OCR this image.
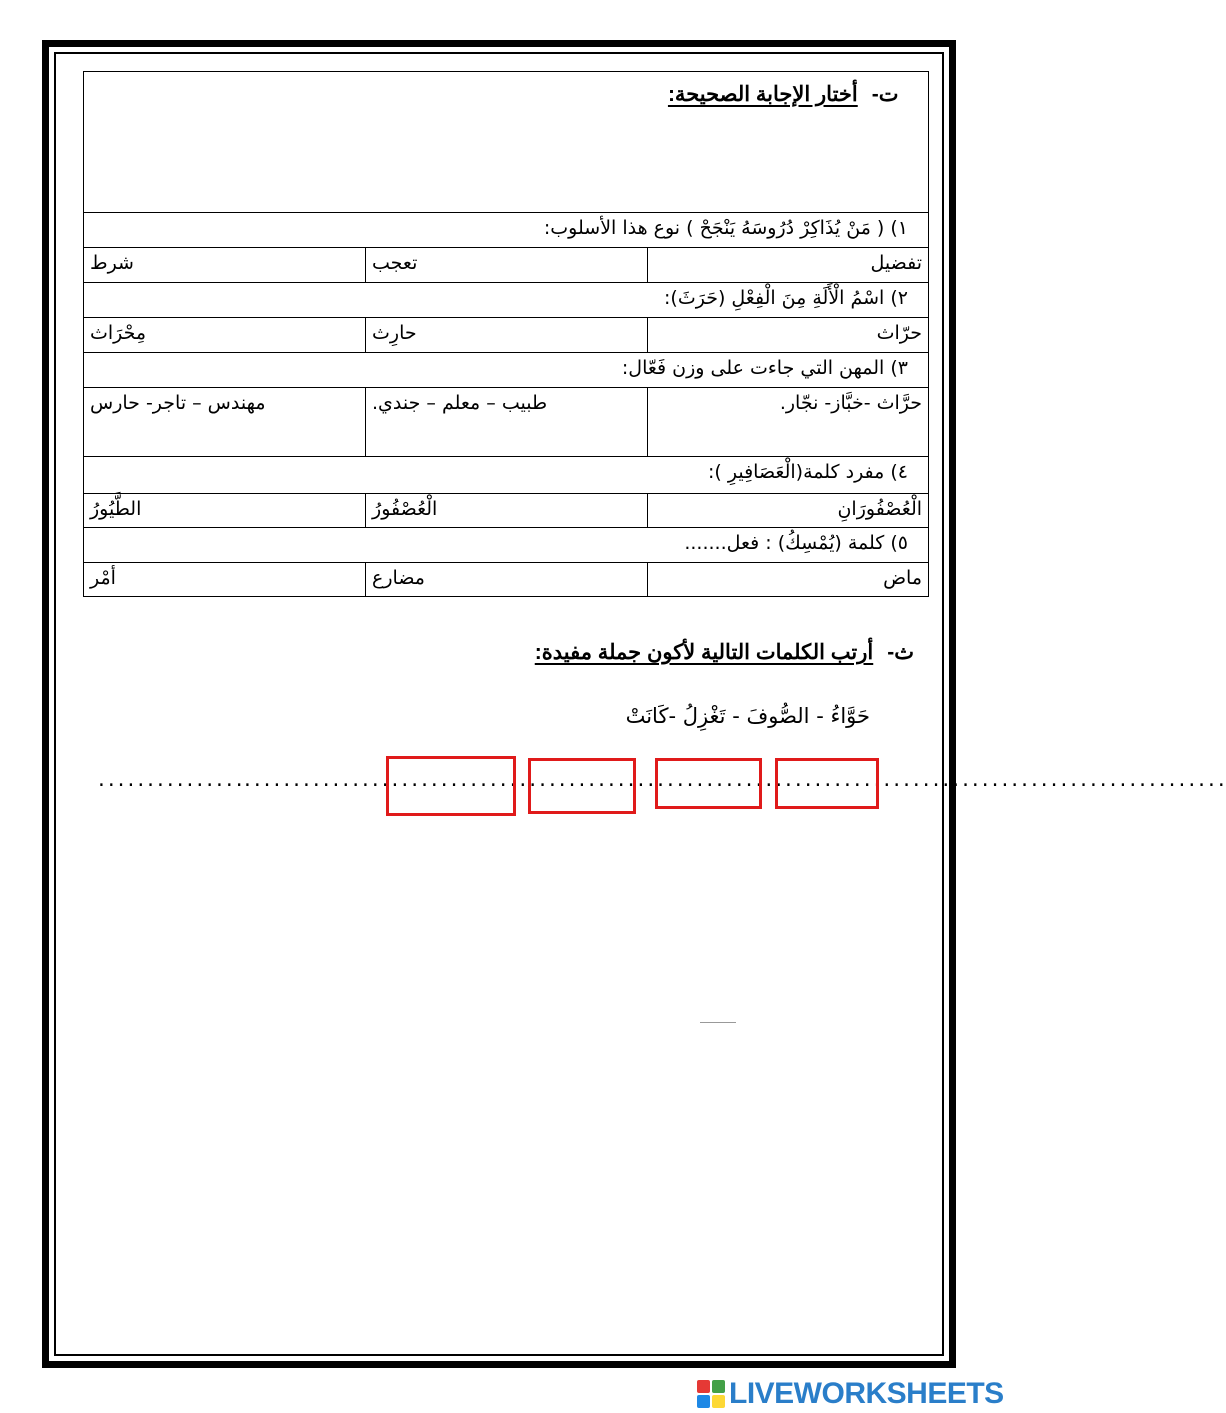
ت-أختار الإجابة الصحيحة:		

١) ( مَنْ يُذَاكِرْ دُرُوسَهُ يَنْجَحْ ) نوع هذا الأسلوب:		
تفضيل	تعجب	شرط
٢) اسْمُ الْأَلَةِ مِنَ الْفِعْلِ (حَرَثَ):		
حرّاث	حارِث	مِحْرَاث
٣) المهن التي جاءت على وزن فَعّال:		
حرَّاث -خبَّاز- نجّار.	طبيب – معلم – جندي.	مهندس – تاجر- حارس
٤) مفرد كلمة(الْعَصَافِيرِ ):		
الْعُصْفُورَانِ	الْعُصْفُورُ	الطَّيُورُ
٥) كلمة (يُمْسِكُ) : فعل.......		
ماض	مضارع	أمْر
ث-أرتب الكلمات التالية لأكون جملة مفيدة:
حَوَّاءُ - الصُّوفَ - تَغْزِلُ -كَانَتْ
...............
....................................................................................................
LIVEWORKSHEETS
